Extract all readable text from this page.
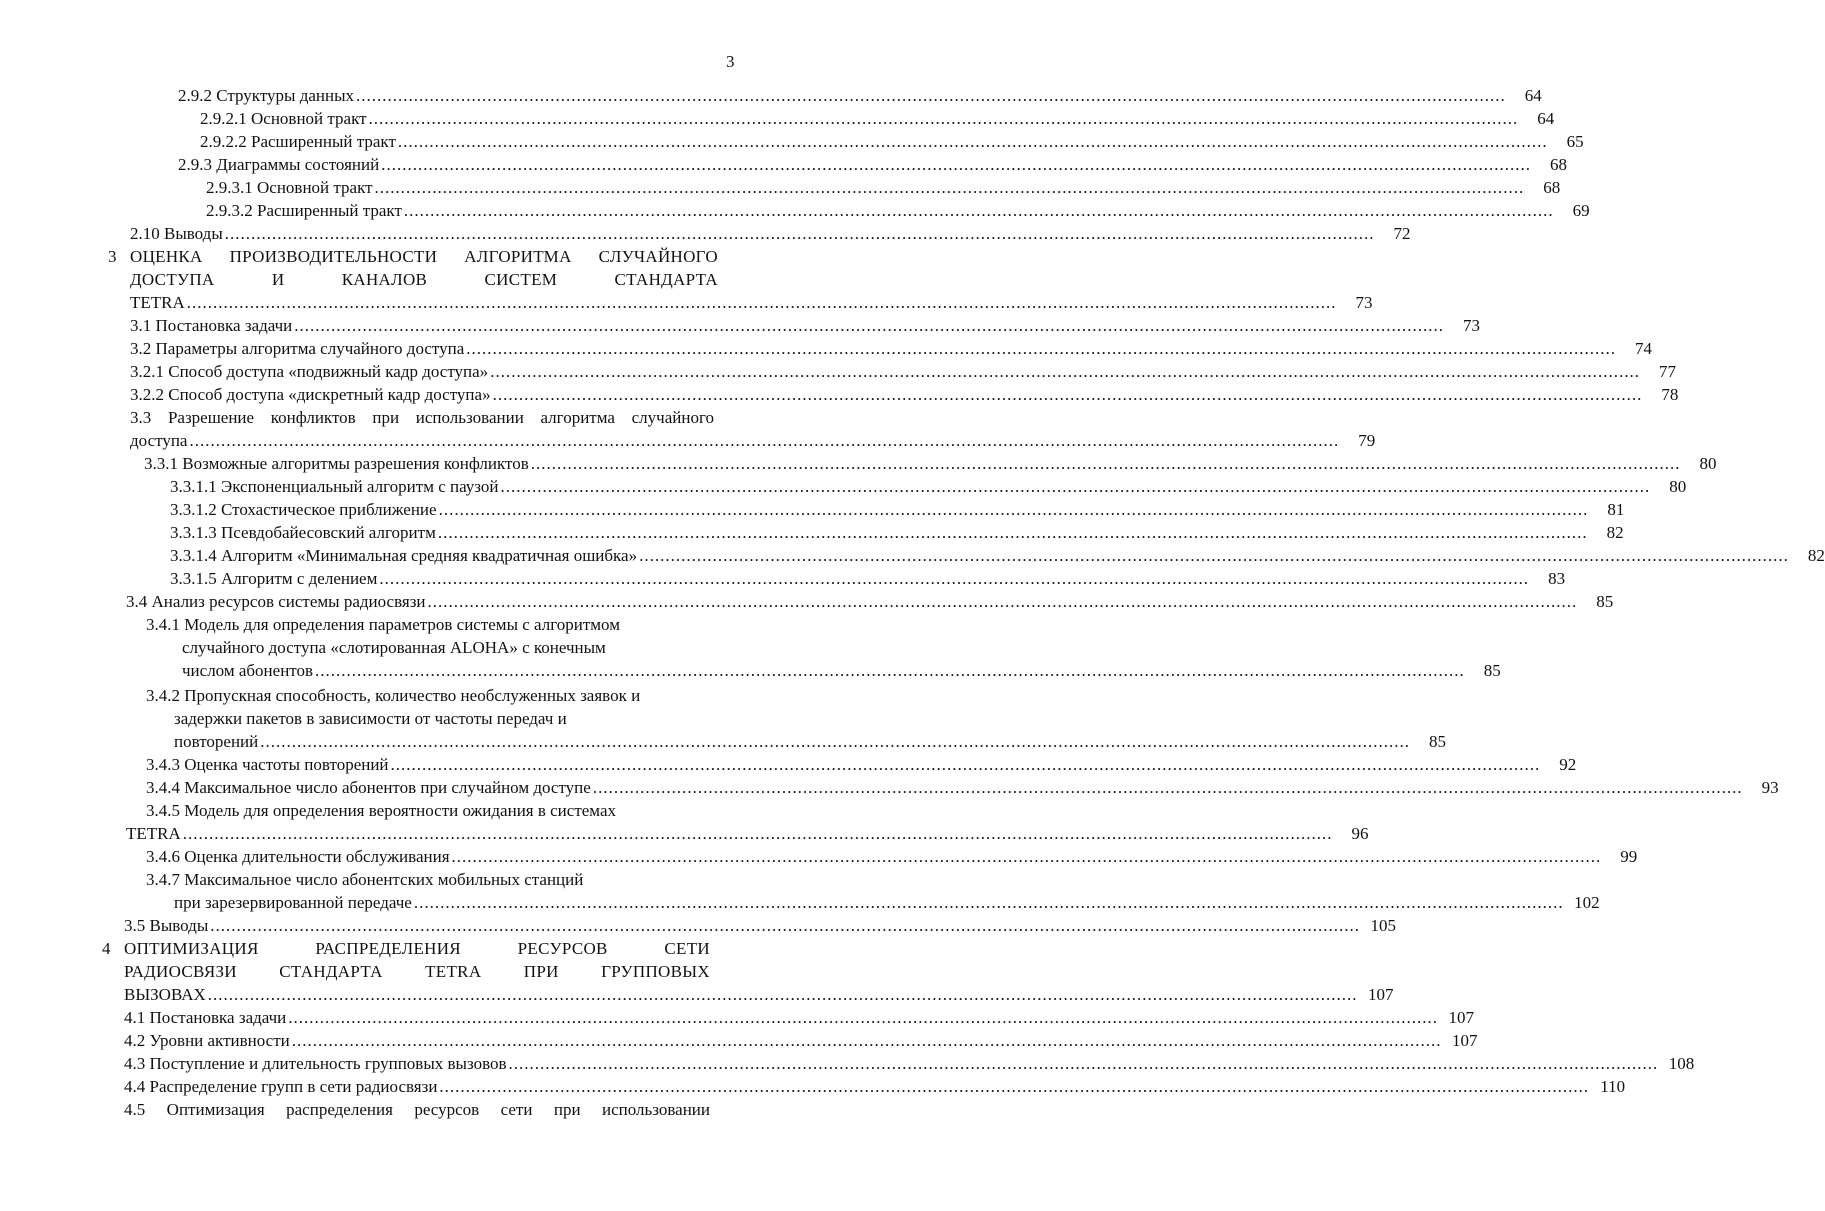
3
2.9.2 Структуры данных ...........................................................................................................................................................................................................................	64
2.9.2.1 Основной тракт ...........................................................................................................................................................................................................................	64
2.9.2.2 Расширенный тракт ...........................................................................................................................................................................................................................	65
2.9.3 Диаграммы состояний ...........................................................................................................................................................................................................................	68
2.9.3.1 Основной тракт ...........................................................................................................................................................................................................................	68
2.9.3.2 Расширенный тракт ...........................................................................................................................................................................................................................	69
2.10 Выводы ...........................................................................................................................................................................................................................	72
3 ОЦЕНКА ПРОИЗВОДИТЕЛЬНОСТИ АЛГОРИТМА СЛУЧАЙНОГО
ДОСТУПА	И	КАНАЛОВ	СИСТЕМ	СТАНДАРТА
TETRA ...........................................................................................................................................................................................................................	73
3.1 Постановка задачи ...........................................................................................................................................................................................................................	73
3.2 Параметры алгоритма случайного доступа ...........................................................................................................................................................................................................................	74
3.2.1 Способ доступа «подвижный кадр доступа» ...........................................................................................................................................................................................................................	77
3.2.2 Способ доступа «дискретный кадр доступа» ...........................................................................................................................................................................................................................	78
3.3 Разрешение конфликтов при использовании алгоритма случайного
доступа ...........................................................................................................................................................................................................................	79
3.3.1 Возможные алгоритмы разрешения конфликтов ...........................................................................................................................................................................................................................	80
3.3.1.1 Экспоненциальный алгоритм с паузой ...........................................................................................................................................................................................................................	80
3.3.1.2 Стохастическое приближение ...........................................................................................................................................................................................................................	81
3.3.1.3 Псевдобайесовский алгоритм ...........................................................................................................................................................................................................................	82
3.3.1.4 Алгоритм «Минимальная средняя квадратичная ошибка» ...........................................................................................................................................................................................................................	82
3.3.1.5 Алгоритм с делением ...........................................................................................................................................................................................................................	83
3.4 Анализ ресурсов системы радиосвязи ...........................................................................................................................................................................................................................	85
3.4.1 Модель для определения параметров системы с алгоритмом
случайного доступа «слотированная ALOHA» с конечным
числом абонентов ...........................................................................................................................................................................................................................	85
3.4.2 Пропускная способность, количество необслуженных заявок и
задержки пакетов в зависимости от частоты передач и
повторений ...........................................................................................................................................................................................................................	85
3.4.3 Оценка частоты повторений ...........................................................................................................................................................................................................................	92
3.4.4 Максимальное число абонентов при случайном доступе ...........................................................................................................................................................................................................................	93
3.4.5 Модель для определения вероятности ожидания в системах
TETRA ...........................................................................................................................................................................................................................	96
3.4.6 Оценка длительности обслуживания ...........................................................................................................................................................................................................................	99
3.4.7 Максимальное число абонентских мобильных станций
при зарезервированной передаче ........................................................................................................................................................................................................................... 102
3.5 Выводы ........................................................................................................................................................................................................................... 105
4 ОПТИМИЗАЦИЯ	РАСПРЕДЕЛЕНИЯ	РЕСУРСОВ	СЕТИ
РАДИОСВЯЗИ СТАНДАРТА TETRA ПРИ ГРУППОВЫХ
ВЫЗОВАХ ........................................................................................................................................................................................................................... 107
4.1 Постановка задачи ........................................................................................................................................................................................................................... 107
4.2 Уровни активности ........................................................................................................................................................................................................................... 107
4.3 Поступление и длительность групповых вызовов ........................................................................................................................................................................................................................... 108
4.4 Распределение групп в сети радиосвязи ........................................................................................................................................................................................................................... 110
4.5 Оптимизация распределения ресурсов сети при использовании
